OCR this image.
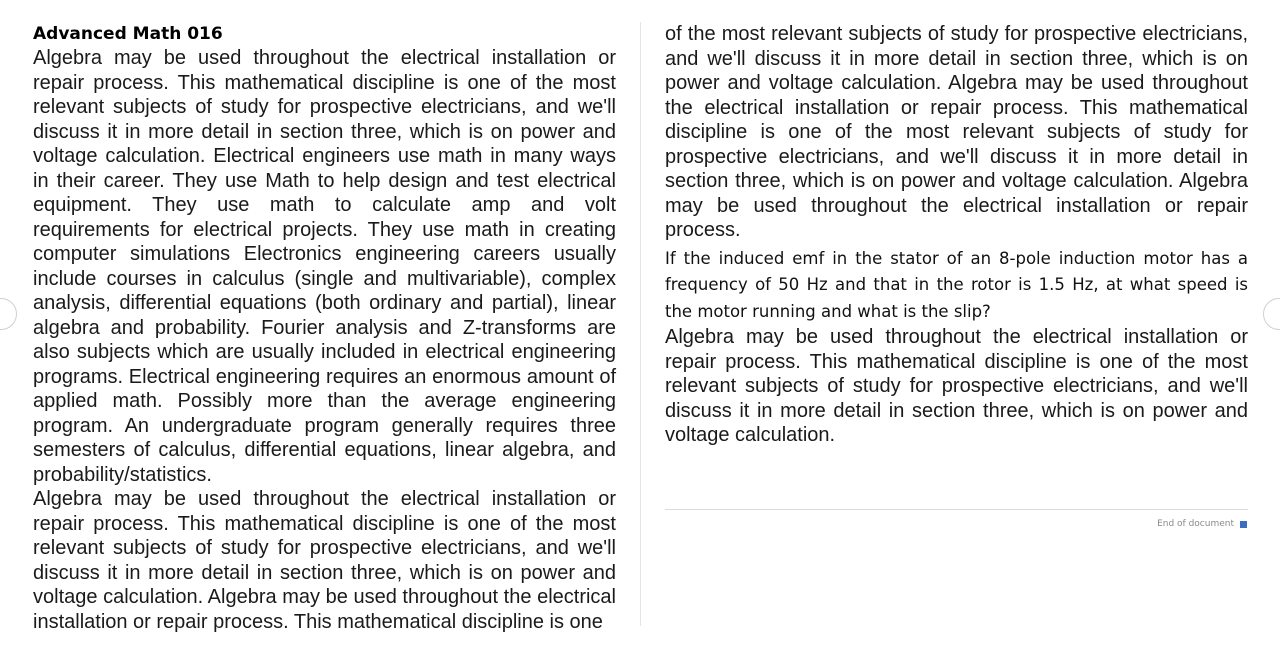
Advanced Math 016

Algebra may be used throughout the electrical installation or repair process. This mathematical discipline is one of the most relevant subjects of study for prospective electricians, and we'll discuss it in more detail in section three, which is on power and voltage calculation. Electrical engineers use math in many ways in their career. They use Math to help design and test electrical equipment. They use math to calculate amp and volt requirements for electrical projects. They use math in creating computer simulations Electronics engineering careers usually include courses in calculus (single and multivariable), complex analysis, differential equations (both ordinary and partial), linear algebra and probability. Fourier analysis and Z-transforms are also subjects which are usually included in electrical engineering programs. Electrical engineering requires an enormous amount of applied math. Possibly more than the average engineering program. An undergraduate program generally requires three semesters of calculus, differential equations, linear algebra, and probability/statistics.

Algebra may be used throughout the electrical installation or repair process. This mathematical discipline is one of the most relevant subjects of study for prospective electricians, and we'll discuss it in more detail in section three, which is on power and voltage calculation. Algebra may be used throughout the electrical installation or repair process. This mathematical discipline is one

of the most relevant subjects of study for prospective electricians, and we'll discuss it in more detail in section three, which is on power and voltage calculation. Algebra may be used throughout the electrical installation or repair process. This mathematical discipline is one of the most relevant subjects of study for prospective electricians, and we'll discuss it in more detail in section three, which is on power and voltage calculation. Algebra may be used throughout the electrical installation or repair process.

If the induced emf in the stator of an 8-pole induction motor has a frequency of 50 Hz and that in the rotor is 1.5 Hz, at what speed is the motor running and what is the slip?

Algebra may be used throughout the electrical installation or repair process. This mathematical discipline is one of the most relevant subjects of study for prospective electricians, and we'll discuss it in more detail in section three, which is on power and voltage calculation.

End of document
